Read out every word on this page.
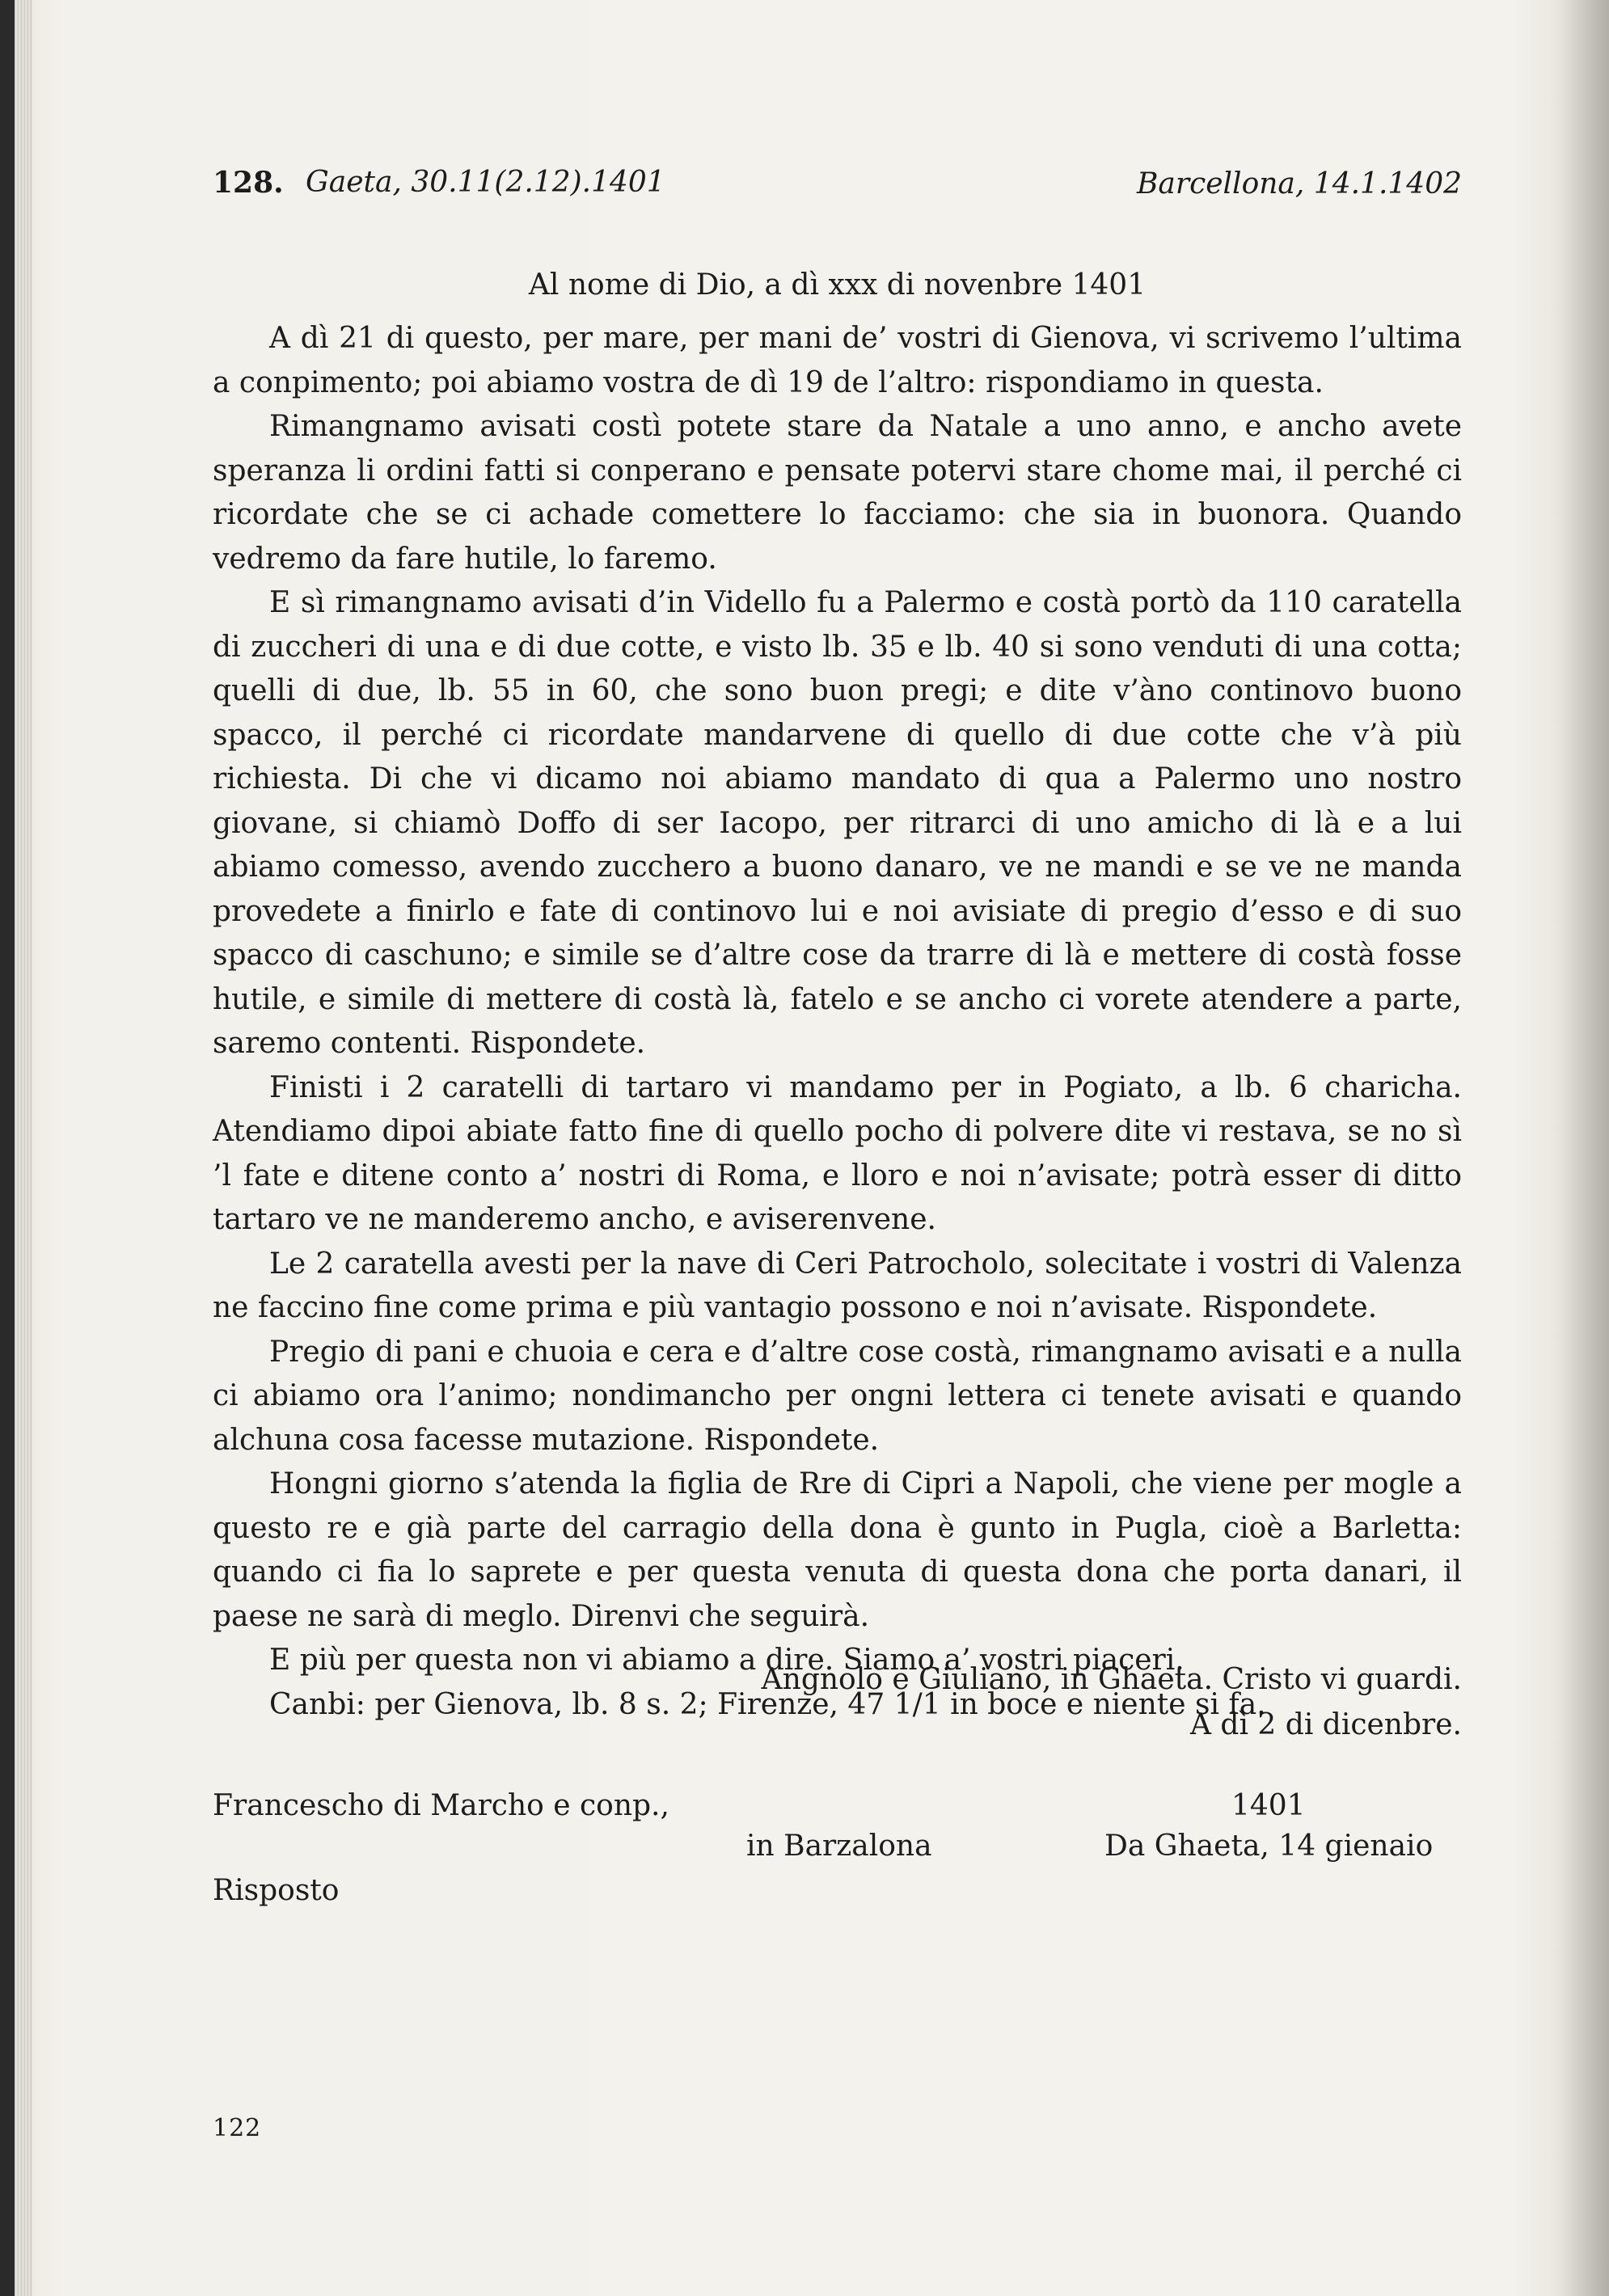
128. Gaeta, 30.11(2.12).1401	Barcellona, 14.1.1402
Al nome di Dio, a dì xxx di novenbre 1401

A dì 21 di questo, per mare, per mani de’ vostri di Gienova, vi scrivemo l’ultima a conpimento; poi abiamo vostra de dì 19 de l’altro: rispondiamo in questa.

Rimangnamo avisati costì potete stare da Natale a uno anno, e ancho avete speranza li ordini fatti si conperano e pensate potervi stare chome mai, il perché ci ricordate che se ci achade comettere lo facciamo: che sia in buonora. Quando vedremo da fare hutile, lo faremo.

E sì rimangnamo avisati d’in Vidello fu a Palermo e costà portò da 110 caratella di zuccheri di una e di due cotte, e visto lb. 35 e lb. 40 si sono venduti di una cotta; quelli di due, lb. 55 in 60, che sono buon pregi; e dite v’àno continovo buono spacco, il perché ci ricordate mandarvene di quello di due cotte che v’à più richiesta. Di che vi dicamo noi abiamo mandato di qua a Palermo uno nostro giovane, si chiamò Doffo di ser Iacopo, per ritrarci di uno amicho di là e a lui abiamo comesso, avendo zucchero a buono danaro, ve ne mandi e se ve ne manda provedete a finirlo e fate di continovo lui e noi avisiate di pregio d’esso e di suo spacco di caschuno; e simile se d’altre cose da trarre di là e mettere di costà fosse hutile, e simile di mettere di costà là, fatelo e se ancho ci vorete atendere a parte, saremo contenti. Rispondete.

Finisti i 2 caratelli di tartaro vi mandamo per in Pogiato, a lb. 6 charicha. Atendiamo dipoi abiate fatto fine di quello pocho di polvere dite vi restava, se no sì ’l fate e ditene conto a’ nostri di Roma, e lloro e noi n’avisate; potrà esser di ditto tartaro ve ne manderemo ancho, e aviserenvene.

Le 2 caratella avesti per la nave di Ceri Patrocholo, solecitate i vostri di Valenza ne faccino fine come prima e più vantagio possono e noi n’avisate. Rispondete.

Pregio di pani e chuoia e cera e d’altre cose costà, rimangnamo avisati e a nulla ci abiamo ora l’animo; nondimancho per ongni lettera ci tenete avisati e quando alchuna cosa facesse mutazione. Rispondete.

Hongni giorno s’atenda la figlia de Rre di Cipri a Napoli, che viene per mogle a questo re e già parte del carragio della dona è gunto in Pugla, cioè a Barletta: quando ci fia lo saprete e per questa venuta di questa dona che porta danari, il paese ne sarà di meglo. Direnvi che seguirà.

E più per questa non vi abiamo a dire. Siamo a’ vostri piaceri.

Canbi: per Gienova, lb. 8 s. 2; Firenze, 47 1/1 in boce e niente si fa.

Angnolo e Giuliano, in Ghaeta. Cristo vi guardi.
A dì 2 di dicenbre.
Francescho di Marcho e conp.,
in Barzalona
1401
Da Ghaeta, 14 gienaio
Risposto
122
